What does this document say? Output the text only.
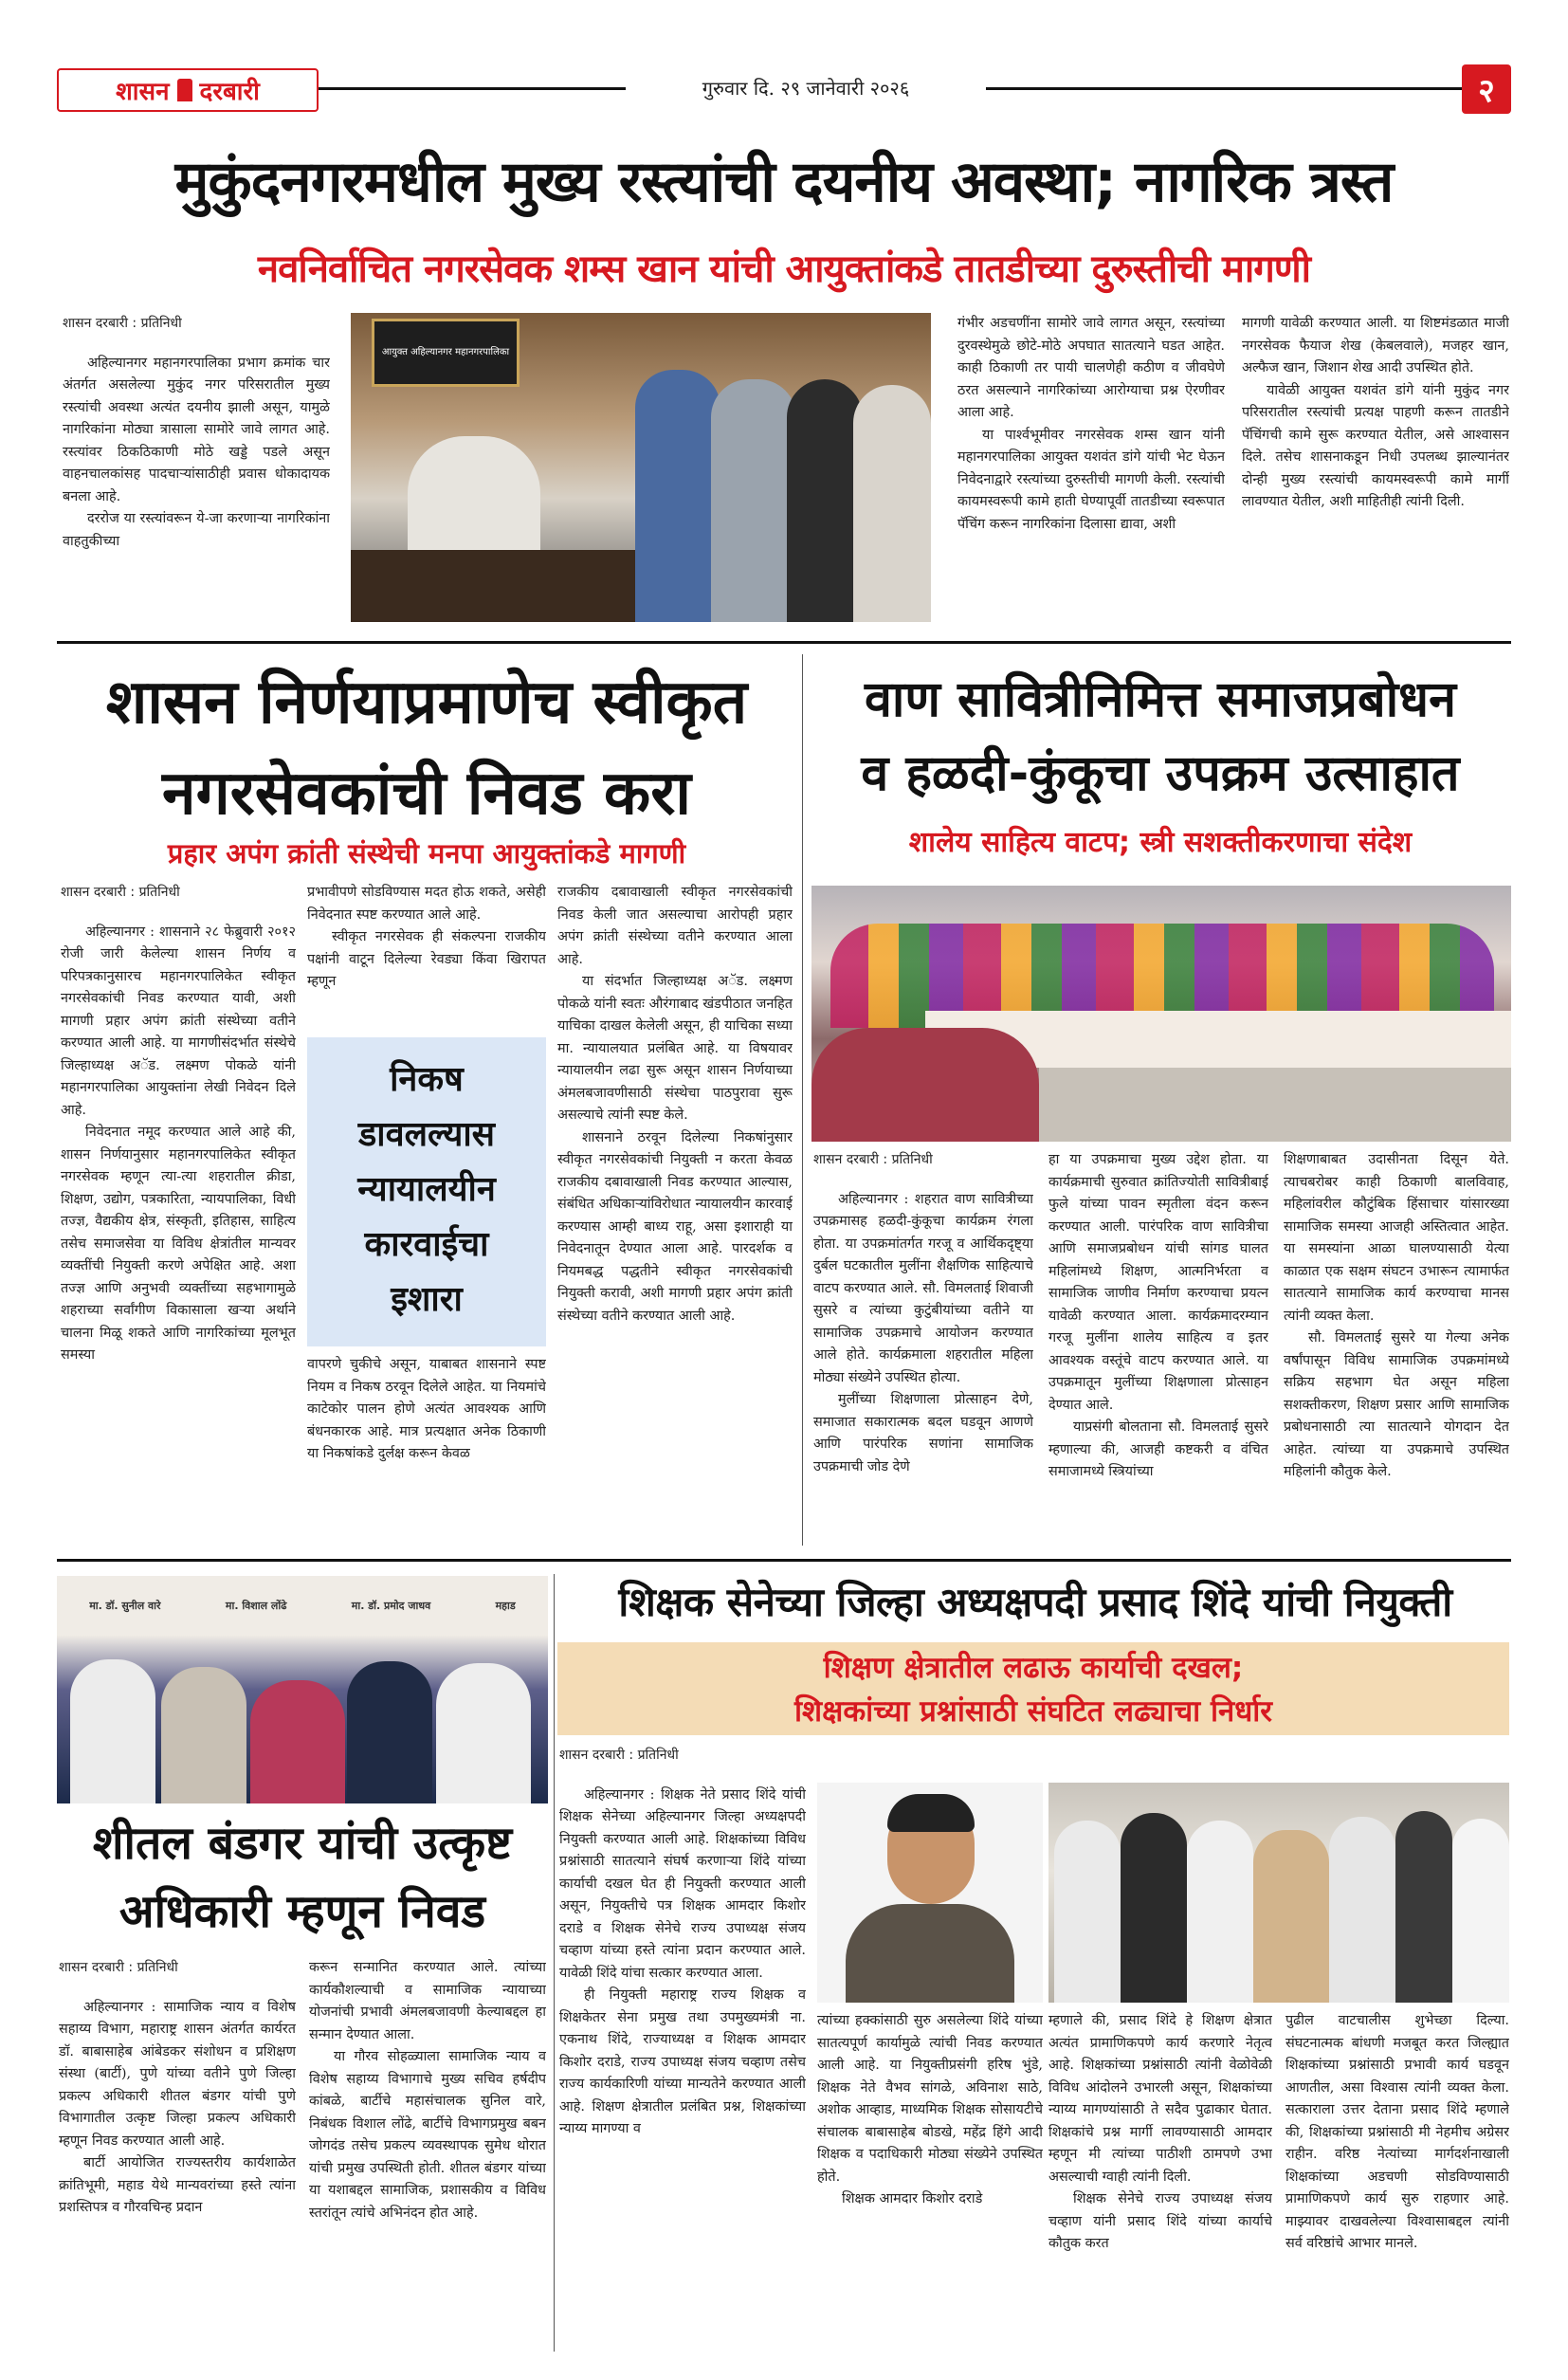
शासन दरबारी	गुरुवार दि. २९ जानेवारी २०२६	२
मुकुंदनगरमधील मुख्य रस्त्यांची दयनीय अवस्था; नागरिक त्रस्त
नवनिर्वाचित नगरसेवक शम्स खान यांची आयुक्तांकडे तातडीच्या दुरुस्तीची मागणी

शासन दरबारी : प्रतिनिधी

अहिल्यानगर महानगरपालिका प्रभाग क्रमांक चार अंतर्गत असलेल्या मुकुंद नगर परिसरातील मुख्य रस्त्यांची अवस्था अत्यंत दयनीय झाली असून, यामुळे नागरिकांना मोठ्या त्रासाला सामोरे जावे लागत आहे. रस्त्यांवर ठिकठिकाणी मोठे खड्डे पडले असून वाहनचालकांसह पादचाऱ्यांसाठीही प्रवास धोकादायक बनला आहे.

दररोज या रस्त्यांवरून ये-जा करणाऱ्या नागरिकांना वाहतुकीच्या

आयुक्त अहिल्यानगर महानगरपालिका

गंभीर अडचणींना सामोरे जावे लागत असून, रस्त्यांच्या दुरवस्थेमुळे छोटे-मोठे अपघात सातत्याने घडत आहेत. काही ठिकाणी तर पायी चालणेही कठीण व जीवघेणे ठरत असल्याने नागरिकांच्या आरोग्याचा प्रश्न ऐरणीवर आला आहे.

या पार्श्वभूमीवर नगरसेवक शम्स खान यांनी महानगरपालिका आयुक्त यशवंत डांगे यांची भेट घेऊन निवेदनाद्वारे रस्त्यांच्या दुरुस्तीची मागणी केली. रस्त्यांची कायमस्वरूपी कामे हाती घेण्यापूर्वी तातडीच्या स्वरूपात पॅचिंग करून नागरिकांना दिलासा द्यावा, अशी

मागणी यावेळी करण्यात आली. या शिष्टमंडळात माजी नगरसेवक फैयाज शेख (केबलवाले), मजहर खान, अल्फैज खान, जिशान शेख आदी उपस्थित होते.

यावेळी आयुक्त यशवंत डांगे यांनी मुकुंद नगर परिसरातील रस्त्यांची प्रत्यक्ष पाहणी करून तातडीने पॅचिंगची कामे सुरू करण्यात येतील, असे आश्वासन दिले. तसेच शासनाकडून निधी उपलब्ध झाल्यानंतर दोन्ही मुख्य रस्त्यांची कायमस्वरूपी कामे मार्गी लावण्यात येतील, अशी माहितीही त्यांनी दिली.

शासन निर्णयाप्रमाणेच स्वीकृत
नगरसेवकांची निवड करा
प्रहार अपंग क्रांती संस्थेची मनपा आयुक्तांकडे मागणी

शासन दरबारी : प्रतिनिधी

अहिल्यानगर : शासनाने २८ फेब्रुवारी २०१२ रोजी जारी केलेल्या शासन निर्णय व परिपत्रकानुसारच महानगरपालिकेत स्वीकृत नगरसेवकांची निवड करण्यात यावी, अशी मागणी प्रहार अपंग क्रांती संस्थेच्या वतीने करण्यात आली आहे. या मागणीसंदर्भात संस्थेचे जिल्हाध्यक्ष अॅड. लक्ष्मण पोकळे यांनी महानगरपालिका आयुक्तांना लेखी निवेदन दिले आहे.

निवेदनात नमूद करण्यात आले आहे की, शासन निर्णयानुसार महानगरपालिकेत स्वीकृत नगरसेवक म्हणून त्या-त्या शहरातील क्रीडा, शिक्षण, उद्योग, पत्रकारिता, न्यायपालिका, विधी तज्ज्ञ, वैद्यकीय क्षेत्र, संस्कृती, इतिहास, साहित्य तसेच समाजसेवा या विविध क्षेत्रांतील मान्यवर व्यक्तींची नियुक्ती करणे अपेक्षित आहे. अशा तज्ज्ञ आणि अनुभवी व्यक्तींच्या सहभागामुळे शहराच्या सर्वांगीण विकासाला खऱ्या अर्थाने चालना मिळू शकते आणि नागरिकांच्या मूलभूत समस्या

प्रभावीपणे सोडविण्यास मदत होऊ शकते, असेही निवेदनात स्पष्ट करण्यात आले आहे.

स्वीकृत नगरसेवक ही संकल्पना राजकीय पक्षांनी वाटून दिलेल्या रेवड्या किंवा खिरापत म्हणून

निकष
डावलल्यास
न्यायालयीन
कारवाईचा
इशारा

वापरणे चुकीचे असून, याबाबत शासनाने स्पष्ट नियम व निकष ठरवून दिलेले आहेत. या नियमांचे काटेकोर पालन होणे अत्यंत आवश्यक आणि बंधनकारक आहे. मात्र प्रत्यक्षात अनेक ठिकाणी या निकषांकडे दुर्लक्ष करून केवळ

राजकीय दबावाखाली स्वीकृत नगरसेवकांची निवड केली जात असल्याचा आरोपही प्रहार अपंग क्रांती संस्थेच्या वतीने करण्यात आला आहे.

या संदर्भात जिल्हाध्यक्ष अॅड. लक्ष्मण पोकळे यांनी स्वतः औरंगाबाद खंडपीठात जनहित याचिका दाखल केलेली असून, ही याचिका सध्या मा. न्यायालयात प्रलंबित आहे. या विषयावर न्यायालयीन लढा सुरू असून शासन निर्णयाच्या अंमलबजावणीसाठी संस्थेचा पाठपुरावा सुरू असल्याचे त्यांनी स्पष्ट केले.

शासनाने ठरवून दिलेल्या निकषांनुसार स्वीकृत नगरसेवकांची नियुक्ती न करता केवळ राजकीय दबावाखाली निवड करण्यात आल्यास, संबंधित अधिकाऱ्यांविरोधात न्यायालयीन कारवाई करण्यास आम्ही बाध्य राहू, असा इशाराही या निवेदनातून देण्यात आला आहे. पारदर्शक व नियमबद्ध पद्धतीने स्वीकृत नगरसेवकांची नियुक्ती करावी, अशी मागणी प्रहार अपंग क्रांती संस्थेच्या वतीने करण्यात आली आहे.

वाण सावित्रीनिमित्त समाजप्रबोधन
व हळदी-कुंकूचा उपक्रम उत्साहात
शालेय साहित्य वाटप; स्त्री सशक्तीकरणाचा संदेश

शासन दरबारी : प्रतिनिधी

अहिल्यानगर : शहरात वाण सावित्रीच्या उपक्रमासह हळदी-कुंकूचा कार्यक्रम रंगला होता. या उपक्रमांतर्गत गरजू व आर्थिकदृष्ट्या दुर्बल घटकातील मुलींना शैक्षणिक साहित्याचे वाटप करण्यात आले. सौ. विमलताई शिवाजी सुसरे व त्यांच्या कुटुंबीयांच्या वतीने या सामाजिक उपक्रमाचे आयोजन करण्यात आले होते. कार्यक्रमाला शहरातील महिला मोठ्या संख्येने उपस्थित होत्या.

मुलींच्या शिक्षणाला प्रोत्साहन देणे, समाजात सकारात्मक बदल घडवून आणणे आणि पारंपरिक सणांना सामाजिक उपक्रमाची जोड देणे

हा या उपक्रमाचा मुख्य उद्देश होता. या कार्यक्रमाची सुरुवात क्रांतिज्योती सावित्रीबाई फुले यांच्या पावन स्मृतीला वंदन करून करण्यात आली. पारंपरिक वाण सावित्रीचा आणि समाजप्रबोधन यांची सांगड घालत महिलांमध्ये शिक्षण, आत्मनिर्भरता व सामाजिक जाणीव निर्माण करण्याचा प्रयत्न यावेळी करण्यात आला. कार्यक्रमादरम्यान गरजू मुलींना शालेय साहित्य व इतर आवश्यक वस्तूंचे वाटप करण्यात आले. या उपक्रमातून मुलींच्या शिक्षणाला प्रोत्साहन देण्यात आले.

याप्रसंगी बोलताना सौ. विमलताई सुसरे म्हणाल्या की, आजही कष्टकरी व वंचित समाजामध्ये स्त्रियांच्या

शिक्षणाबाबत उदासीनता दिसून येते. त्याचबरोबर काही ठिकाणी बालविवाह, महिलांवरील कौटुंबिक हिंसाचार यांसारख्या सामाजिक समस्या आजही अस्तित्वात आहेत. या समस्यांना आळा घालण्यासाठी येत्या काळात एक सक्षम संघटन उभारून त्यामार्फत सातत्याने सामाजिक कार्य करण्याचा मानस त्यांनी व्यक्त केला.

सौ. विमलताई सुसरे या गेल्या अनेक वर्षांपासून विविध सामाजिक उपक्रमांमध्ये सक्रिय सहभाग घेत असून महिला सशक्तीकरण, शिक्षण प्रसार आणि सामाजिक प्रबोधनासाठी त्या सातत्याने योगदान देत आहेत. त्यांच्या या उपक्रमाचे उपस्थित महिलांनी कौतुक केले.

मा. डॉ. सुनील वारे	मा. विशाल लोंढे	मा. डॉ. प्रमोद जाधव	महाड
शीतल बंडगर यांची उत्कृष्ट
अधिकारी म्हणून निवड

शासन दरबारी : प्रतिनिधी

अहिल्यानगर : सामाजिक न्याय व विशेष सहाय्य विभाग, महाराष्ट्र शासन अंतर्गत कार्यरत डॉ. बाबासाहेब आंबेडकर संशोधन व प्रशिक्षण संस्था (बार्टी), पुणे यांच्या वतीने पुणे जिल्हा प्रकल्प अधिकारी शीतल बंडगर यांची पुणे विभागातील उत्कृष्ट जिल्हा प्रकल्प अधिकारी म्हणून निवड करण्यात आली आहे.

बार्टी आयोजित राज्यस्तरीय कार्यशाळेत क्रांतिभूमी, महाड येथे मान्यवरांच्या हस्ते त्यांना प्रशस्तिपत्र व गौरवचिन्ह प्रदान

करून सन्मानित करण्यात आले. त्यांच्या कार्यकौशल्याची व सामाजिक न्यायाच्या योजनांची प्रभावी अंमलबजावणी केल्याबद्दल हा सन्मान देण्यात आला.

या गौरव सोहळ्याला सामाजिक न्याय व विशेष सहाय्य विभागाचे मुख्य सचिव हर्षदीप कांबळे, बार्टीचे महासंचालक सुनिल वारे, निबंधक विशाल लोंढे, बार्टीचे विभागप्रमुख बबन जोगदंड तसेच प्रकल्प व्यवस्थापक सुमेध थोरात यांची प्रमुख उपस्थिती होती. शीतल बंडगर यांच्या या यशाबद्दल सामाजिक, प्रशासकीय व विविध स्तरांतून त्यांचे अभिनंदन होत आहे.

शिक्षक सेनेच्या जिल्हा अध्यक्षपदी प्रसाद शिंदे यांची नियुक्ती
शिक्षण क्षेत्रातील लढाऊ कार्याची दखल;
शिक्षकांच्या प्रश्नांसाठी संघटित लढ्याचा निर्धार

शासन दरबारी : प्रतिनिधी

अहिल्यानगर : शिक्षक नेते प्रसाद शिंदे यांची शिक्षक सेनेच्या अहिल्यानगर जिल्हा अध्यक्षपदी नियुक्ती करण्यात आली आहे. शिक्षकांच्या विविध प्रश्नांसाठी सातत्याने संघर्ष करणाऱ्या शिंदे यांच्या कार्याची दखल घेत ही नियुक्ती करण्यात आली असून, नियुक्तीचे पत्र शिक्षक आमदार किशोर दराडे व शिक्षक सेनेचे राज्य उपाध्यक्ष संजय चव्हाण यांच्या हस्ते त्यांना प्रदान करण्यात आले. यावेळी शिंदे यांचा सत्कार करण्यात आला.

ही नियुक्ती महाराष्ट्र राज्य शिक्षक व शिक्षकेतर सेना प्रमुख तथा उपमुख्यमंत्री ना. एकनाथ शिंदे, राज्याध्यक्ष व शिक्षक आमदार किशोर दराडे, राज्य उपाध्यक्ष संजय चव्हाण तसेच राज्य कार्यकारिणी यांच्या मान्यतेने करण्यात आली आहे. शिक्षण क्षेत्रातील प्रलंबित प्रश्न, शिक्षकांच्या न्याय्य मागण्या व

त्यांच्या हक्कांसाठी सुरु असलेल्या शिंदे यांच्या सातत्यपूर्ण कार्यामुळे त्यांची निवड करण्यात आली आहे. या नियुक्तीप्रसंगी हरिष भुंडे, शिक्षक नेते वैभव सांगळे, अविनाश साठे, अशोक आव्हाड, माध्यमिक शिक्षक सोसायटीचे संचालक बाबासाहेब बोडखे, महेंद्र हिंगे आदी शिक्षक व पदाधिकारी मोठ्या संख्येने उपस्थित होते.

शिक्षक आमदार किशोर दराडे

म्हणाले की, प्रसाद शिंदे हे शिक्षण क्षेत्रात अत्यंत प्रामाणिकपणे कार्य करणारे नेतृत्व आहे. शिक्षकांच्या प्रश्नांसाठी त्यांनी वेळोवेळी विविध आंदोलने उभारली असून, शिक्षकांच्या न्याय्य मागण्यांसाठी ते सदैव पुढाकार घेतात. शिक्षकांचे प्रश्न मार्गी लावण्यासाठी आमदार म्हणून मी त्यांच्या पाठीशी ठामपणे उभा असल्याची ग्वाही त्यांनी दिली.

शिक्षक सेनेचे राज्य उपाध्यक्ष संजय चव्हाण यांनी प्रसाद शिंदे यांच्या कार्याचे कौतुक करत

पुढील वाटचालीस शुभेच्छा दिल्या. संघटनात्मक बांधणी मजबूत करत जिल्ह्यात शिक्षकांच्या प्रश्नांसाठी प्रभावी कार्य घडवून आणतील, असा विश्वास त्यांनी व्यक्त केला. सत्काराला उत्तर देताना प्रसाद शिंदे म्हणाले की, शिक्षकांच्या प्रश्नांसाठी मी नेहमीच अग्रेसर राहीन. वरिष्ठ नेत्यांच्या मार्गदर्शनाखाली शिक्षकांच्या अडचणी सोडविण्यासाठी प्रामाणिकपणे कार्य सुरु राहणार आहे. माझ्यावर दाखवलेल्या विश्वासाबद्दल त्यांनी सर्व वरिष्ठांचे आभार मानले.
